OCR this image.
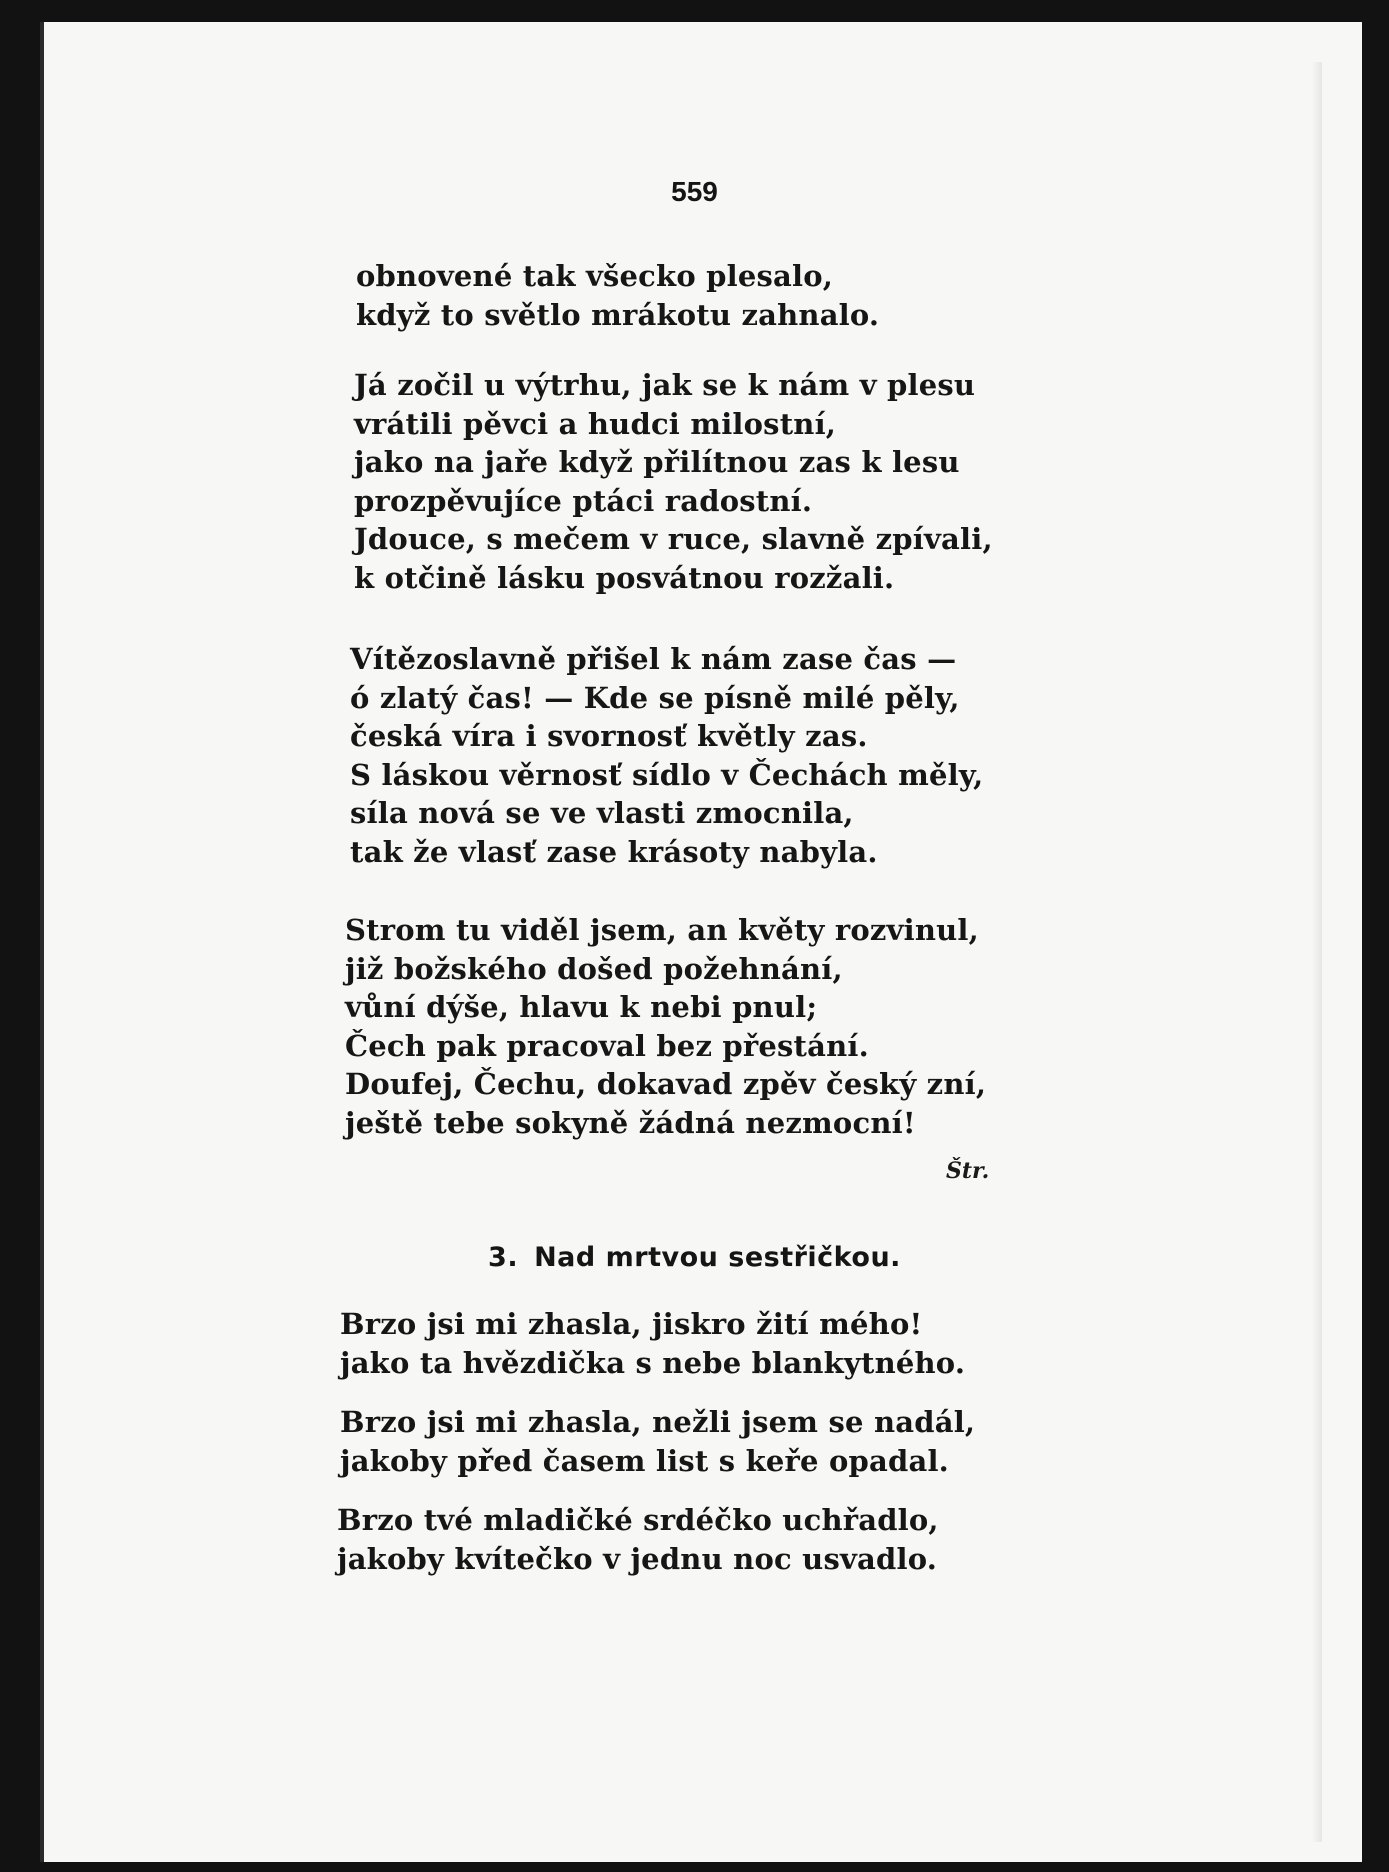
559
obnovené tak všecko plesalo,
když to světlo mrákotu zahnalo.
Já zočil u výtrhu, jak se k nám v plesu
vrátili pěvci a hudci milostní,
jako na jaře když přilítnou zas k lesu
prozpěvujíce ptáci radostní.
Jdouce, s mečem v ruce, slavně zpívali,
k otčině lásku posvátnou rozžali.
Vítězoslavně přišel k nám zase čas —
ó zlatý čas! — Kde se písně milé pěly,
česká víra i svornosť květly zas.
S láskou věrnosť sídlo v Čechách měly,
síla nová se ve vlasti zmocnila,
tak že vlasť zase krásoty nabyla.
Strom tu viděl jsem, an květy rozvinul,
již božského došed požehnání,
vůní dýše, hlavu k nebi pnul;
Čech pak pracoval bez přestání.
Doufej, Čechu, dokavad zpěv český zní,
ještě tebe sokyně žádná nezmocní!
Štr.
3. Nad mrtvou sestřičkou.
Brzo jsi mi zhasla, jiskro žití mého!
jako ta hvězdička s nebe blankytného.
Brzo jsi mi zhasla, nežli jsem se nadál,
jakoby před časem list s keře opadal.
Brzo tvé mladičké srdéčko uchřadlo,
jakoby kvítečko v jednu noc usvadlo.
